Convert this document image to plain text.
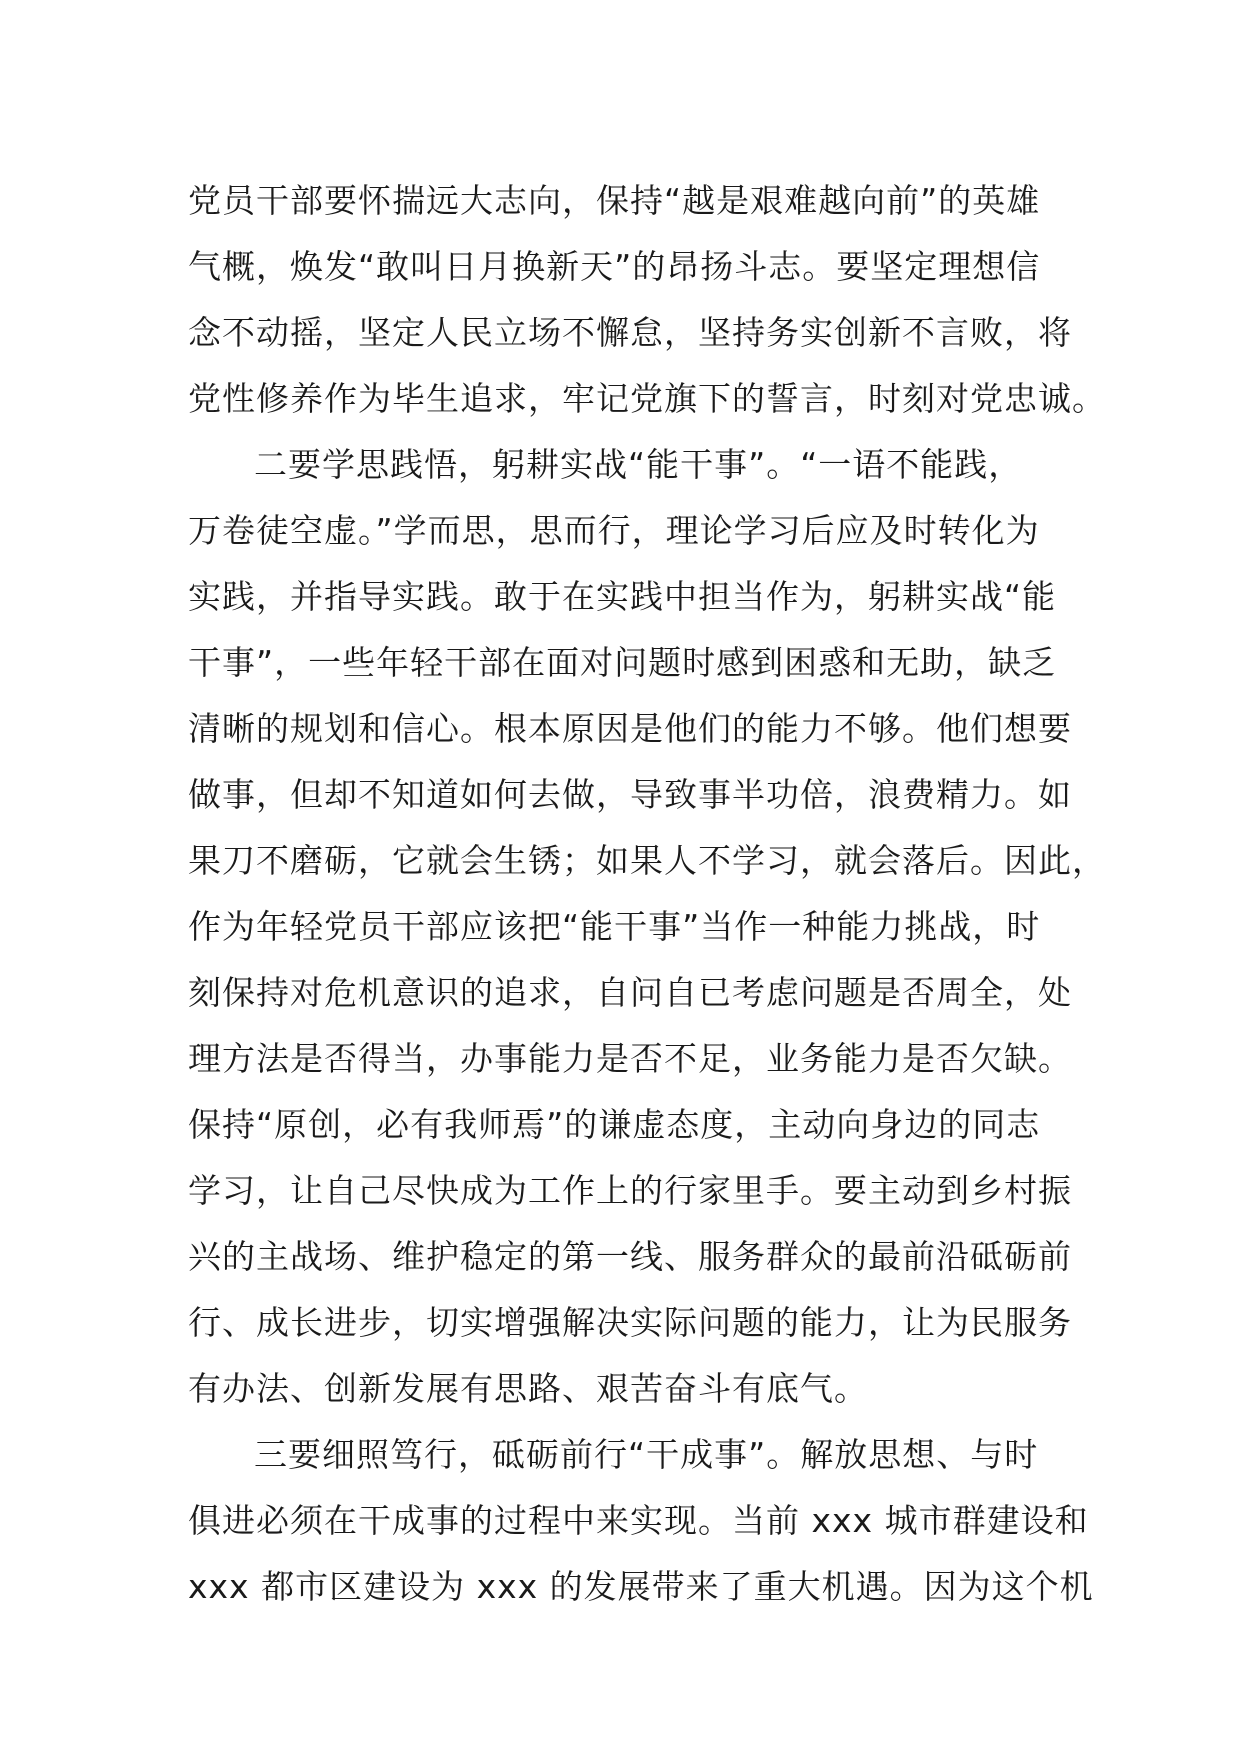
党员干部要怀揣远大志向，保持“越是艰难越向前”的英雄
气概，焕发“敢叫日月换新天”的昂扬斗志。要坚定理想信
念不动摇，坚定人民立场不懈怠，坚持务实创新不言败，将
党性修养作为毕生追求，牢记党旗下的誓言，时刻对党忠诚。
二要学思践悟，躬耕实战“能干事”。“一语不能践，
万卷徒空虚。”学而思，思而行，理论学习后应及时转化为
实践，并指导实践。敢于在实践中担当作为，躬耕实战“能
干事”，一些年轻干部在面对问题时感到困惑和无助，缺乏
清晰的规划和信心。根本原因是他们的能力不够。他们想要
做事，但却不知道如何去做，导致事半功倍，浪费精力。如
果刀不磨砺，它就会生锈；如果人不学习，就会落后。因此，
作为年轻党员干部应该把“能干事”当作一种能力挑战，时
刻保持对危机意识的追求，自问自已考虑问题是否周全，处
理方法是否得当，办事能力是否不足，业务能力是否欠缺。
保持“原创，必有我师焉”的谦虚态度，主动向身边的同志
学习，让自己尽快成为工作上的行家里手。要主动到乡村振
兴的主战场、维护稳定的第一线、服务群众的最前沿砥砺前
行、成长进步，切实增强解决实际问题的能力，让为民服务
有办法、创新发展有思路、艰苦奋斗有底气。
三要细照笃行，砥砺前行“干成事”。解放思想、与时
俱进必须在干成事的过程中来实现。当前 xxx 城市群建设和
xxx 都市区建设为 xxx 的发展带来了重大机遇。因为这个机
